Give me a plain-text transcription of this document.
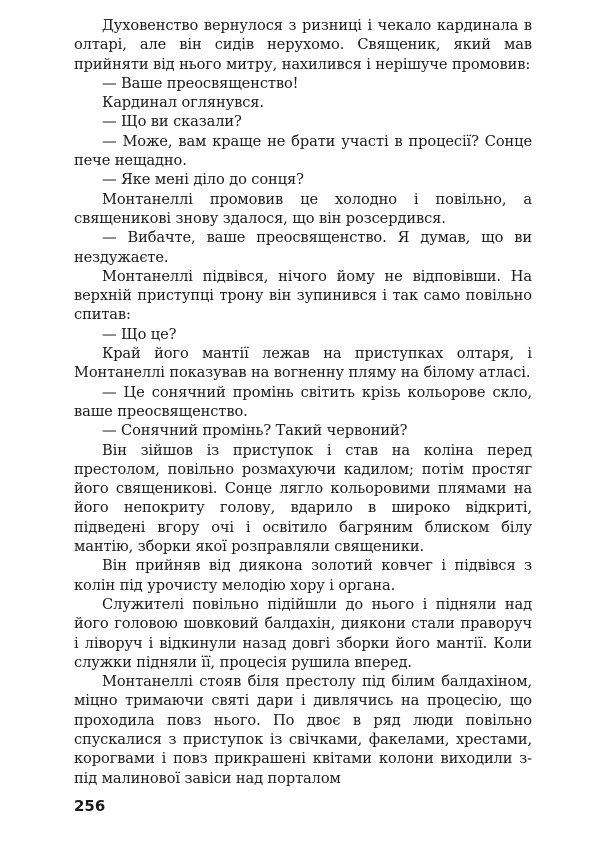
Духовенство вернулося з ризниці і чекало кардинала в олтарі, але він сидів нерухомо. Священик, який мав прийняти від нього митру, нахилився і нерішуче промовив:

— Ваше преосвященство!

Кардинал оглянувся.

— Що ви сказали?

— Може, вам краще не брати участі в процесії? Сонце пече нещадно.

— Яке мені діло до сонця?

Монтанеллі промовив це холодно і повільно, а священикові знову здалося, що він розсердився.

— Вибачте, ваше преосвященство. Я думав, що ви нездужаєте.

Монтанеллі підвівся, нічого йому не відповівши. На верхній приступці трону він зупинився і так само повільно спитав:

— Що це?

Край його мантії лежав на приступках олтаря, і Монтанеллі показував на вогненну пляму на білому атласі.

— Це сонячний промінь світить крізь кольорове скло, ваше преосвященство.

— Сонячний промінь? Такий червоний?

Він зійшов із приступок і став на коліна перед престолом, повільно розмахуючи кадилом; потім простяг його священикові. Сонце лягло кольоровими плямами на його непокриту голову, вдарило в широко відкриті, підведені вгору очі і освітило багряним блиском білу мантію, зборки якої розправляли священики.

Він прийняв від диякона золотий ковчег і підвівся з колін під урочисту мелодію хору і органа.

Служителі повільно підійшли до нього і підняли над його головою шовковий балдахін, диякони стали праворуч і ліворуч і відкинули назад довгі зборки його мантії. Коли служки підняли її, процесія рушила вперед.

Монтанеллі стояв біля престолу під білим балдахіном, міцно тримаючи святі дари і дивлячись на процесію, що проходила повз нього. По двоє в ряд люди повільно спускалися з приступок із свічками, факелами, хрестами, корогвами і повз прикрашені квітами колони виходили з-під малинової завіси над порталом

256
